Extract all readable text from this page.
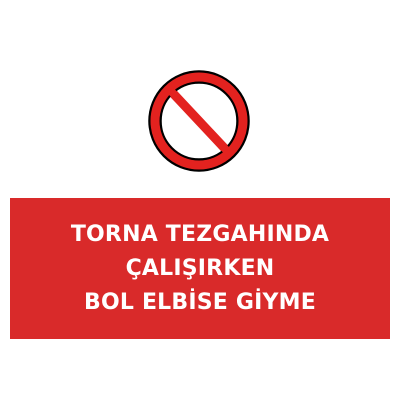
TORNA TEZGAHINDA
ÇALIŞIRKEN
BOL ELBİSE GİYME
